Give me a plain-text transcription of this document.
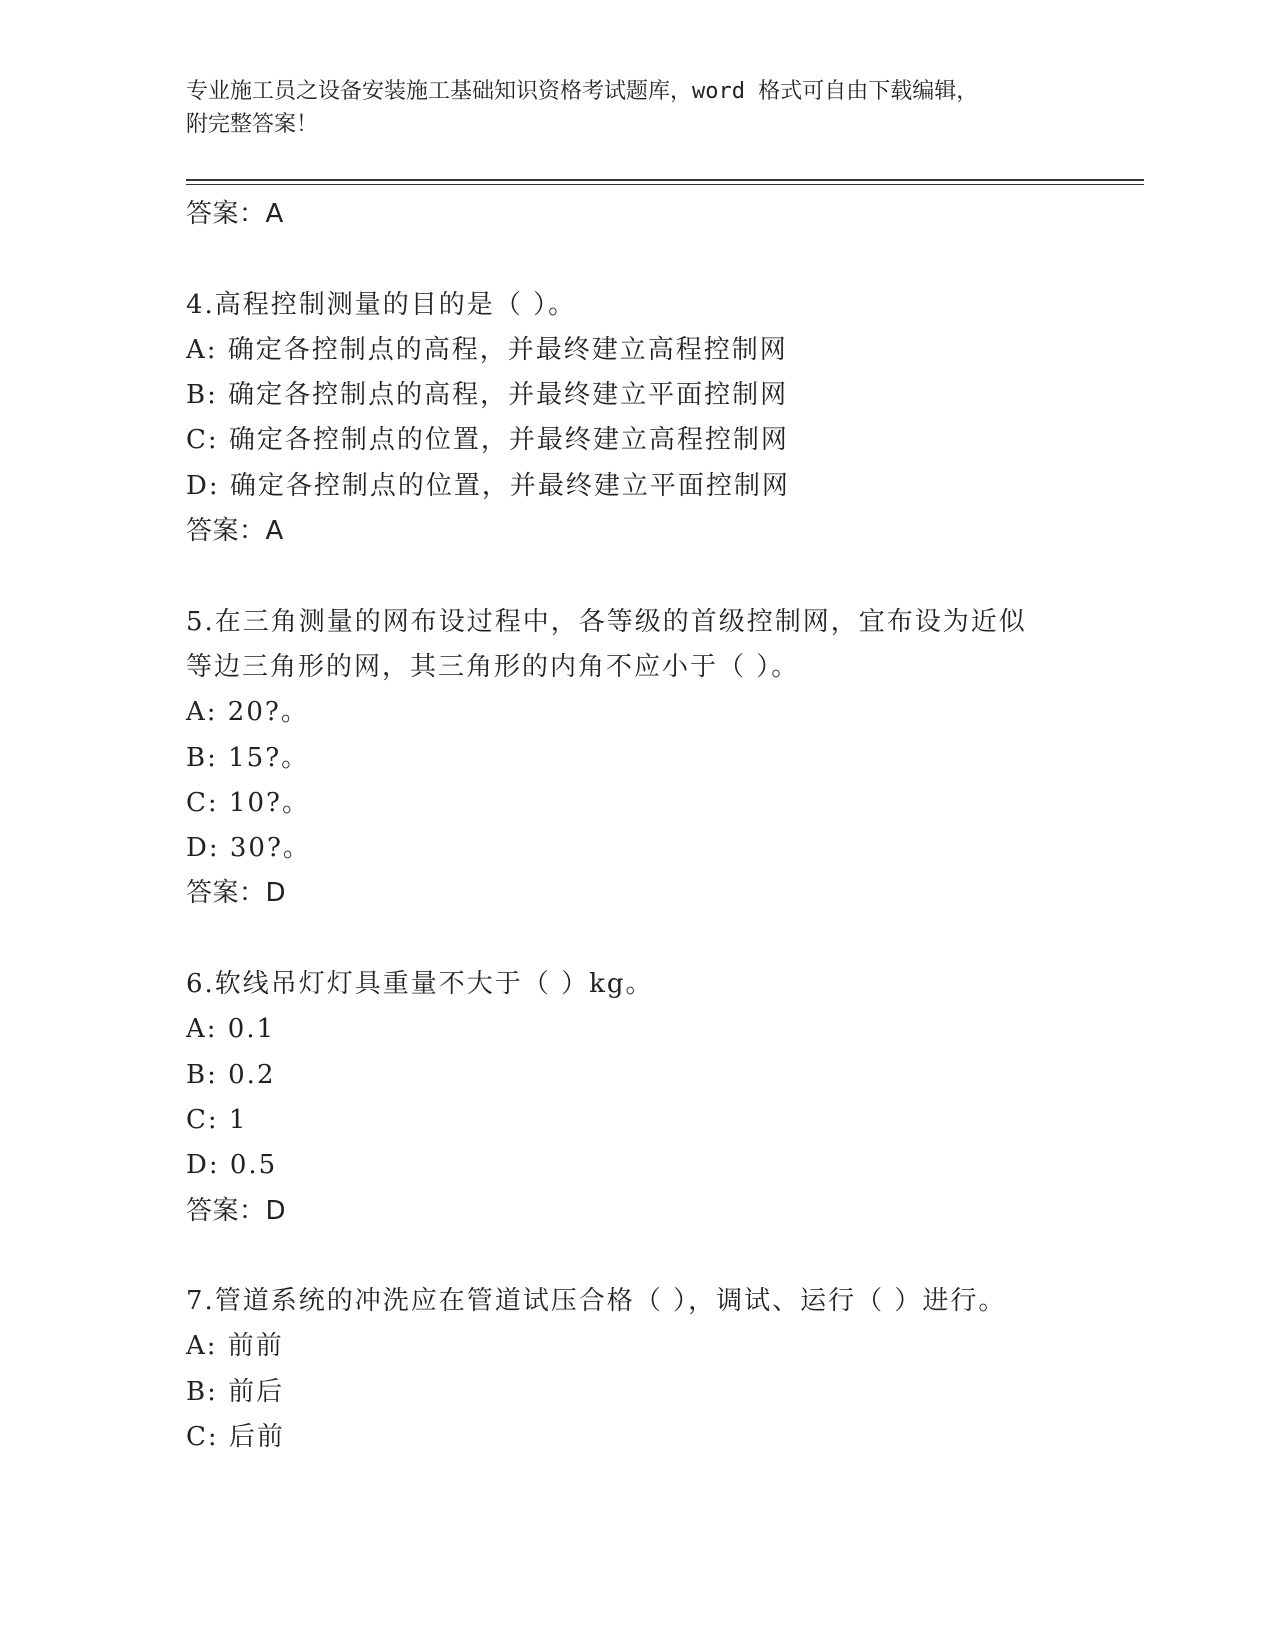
专业施工员之设备安装施工基础知识资格考试题库，word 格式可自由下载编辑，
附完整答案！
答案：A
4.高程控制测量的目的是（ ）。
A: 确定各控制点的高程，并最终建立高程控制网
B: 确定各控制点的高程，并最终建立平面控制网
C: 确定各控制点的位置，并最终建立高程控制网
D: 确定各控制点的位置，并最终建立平面控制网
答案：A
5.在三角测量的网布设过程中，各等级的首级控制网，宜布设为近似
等边三角形的网，其三角形的内角不应小于（ ）。
A: 20?。
B: 15?。
C: 10?。
D: 30?。
答案：D
6.软线吊灯灯具重量不大于（ ）kg。
A: 0.1
B: 0.2
C: 1
D: 0.5
答案：D
7.管道系统的冲洗应在管道试压合格（ ），调试、运行（ ）进行。
A: 前前
B: 前后
C: 后前
